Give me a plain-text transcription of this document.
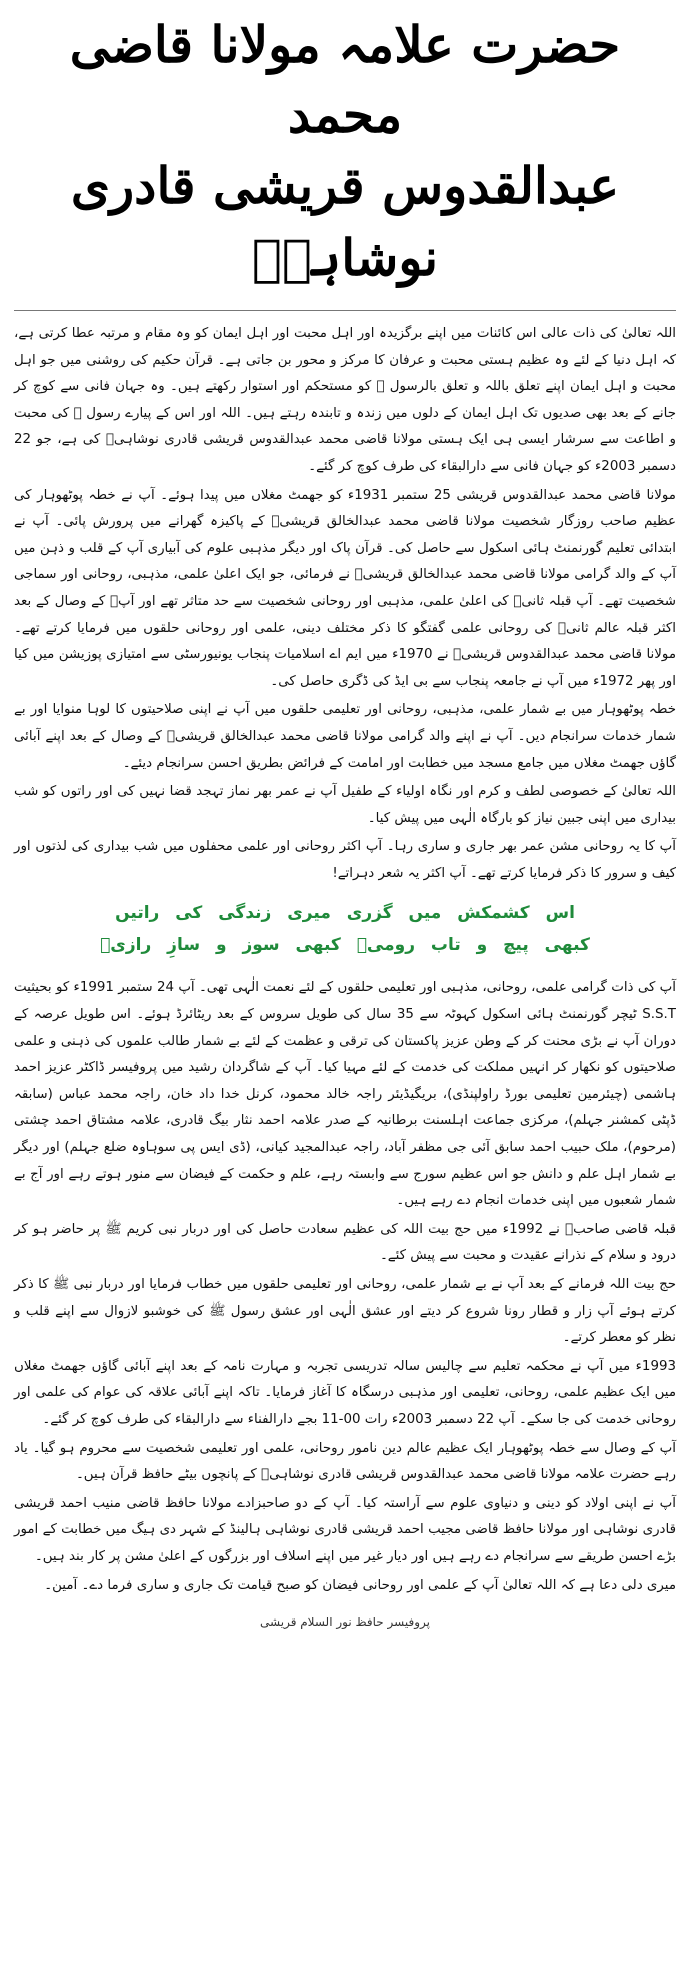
حضرت علامہ مولانا قاضی محمد
عبدالقدوس قریشی قادری نوشاہیؒ

اللہ تعالیٰ کی ذات عالی اس کائنات میں اپنے برگزیدہ اور اہل محبت اور اہل ایمان کو وہ مقام و مرتبہ عطا کرتی ہے، کہ اہل دنیا کے لئے وہ عظیم ہستی محبت و عرفان کا مرکز و محور بن جاتی ہے۔ قرآن حکیم کی روشنی میں جو اہل محبت و اہل ایمان اپنے تعلق باللہ و تعلق بالرسول ﷺ کو مستحکم اور استوار رکھتے ہیں۔ وہ جہان فانی سے کوچ کر جانے کے بعد بھی صدیوں تک اہل ایمان کے دلوں میں زندہ و تابندہ رہتے ہیں۔ اللہ اور اس کے پیارے رسول ﷺ کی محبت و اطاعت سے سرشار ایسی ہی ایک ہستی مولانا قاضی محمد عبدالقدوس قریشی قادری نوشاہیؒ کی ہے، جو 22 دسمبر 2003ء کو جہان فانی سے دارالبقاء کی طرف کوچ کر گئے۔

مولانا قاضی محمد عبدالقدوس قریشی 25 ستمبر 1931ء کو جھمٹ مغلاں میں پیدا ہوئے۔ آپ نے خطہ پوٹھوہار کی عظیم صاحب روزگار شخصیت مولانا قاضی محمد عبدالخالق قریشیؒ کے پاکیزہ گھرانے میں پرورش پائی۔ آپ نے ابتدائی تعلیم گورنمنٹ ہائی اسکول سے حاصل کی۔ قرآن پاک اور دیگر مذہبی علوم کی آبیاری آپ کے قلب و ذہن میں آپ کے والد گرامی مولانا قاضی محمد عبدالخالق قریشیؒ نے فرمائی، جو ایک اعلیٰ علمی، مذہبی، روحانی اور سماجی شخصیت تھے۔ آپ قبلہ ثانیؒ کی اعلیٰ علمی، مذہبی اور روحانی شخصیت سے حد متاثر تھے اور آپؒ کے وصال کے بعد اکثر قبلہ عالم ثانیؒ کی روحانی علمی گفتگو کا ذکر مختلف دینی، علمی اور روحانی حلقوں میں فرمایا کرتے تھے۔ مولانا قاضی محمد عبدالقدوس قریشیؒ نے 1970ء میں ایم اے اسلامیات پنجاب یونیورسٹی سے امتیازی پوزیشن میں کیا اور پھر 1972ء میں آپ نے جامعہ پنجاب سے بی ایڈ کی ڈگری حاصل کی۔

خطہ پوٹھوہار میں بے شمار علمی، مذہبی، روحانی اور تعلیمی حلقوں میں آپ نے اپنی صلاحیتوں کا لوہا منوایا اور بے شمار خدمات سرانجام دیں۔ آپ نے اپنے والد گرامی مولانا قاضی محمد عبدالخالق قریشیؒ کے وصال کے بعد اپنے آبائی گاؤں جھمٹ مغلاں میں جامع مسجد میں خطابت اور امامت کے فرائض بطریق احسن سرانجام دیئے۔

اللہ تعالیٰ کے خصوصی لطف و کرم اور نگاہ اولیاء کے طفیل آپ نے عمر بھر نماز تہجد قضا نہیں کی اور راتوں کو شب بیداری میں اپنی جبین نیاز کو بارگاہ الٰہی میں پیش کیا۔

آپ کا یہ روحانی مشن عمر بھر جاری و ساری رہا۔ آپ اکثر روحانی اور علمی محفلوں میں شب بیداری کی لذتوں اور کیف و سرور کا ذکر فرمایا کرتے تھے۔ آپ اکثر یہ شعر دہراتے!

اس کشمکش میں گزری میری زندگی کی راتیں
کبھی پیچ و تاب رومیؒ کبھی سوز و سازِ رازیؒ

آپ کی ذات گرامی علمی، روحانی، مذہبی اور تعلیمی حلقوں کے لئے نعمت الٰہی تھی۔ آپ 24 ستمبر 1991ء کو بحیثیت S.S.T ٹیچر گورنمنٹ ہائی اسکول کہوٹہ سے 35 سال کی طویل سروس کے بعد ریٹائرڈ ہوئے۔ اس طویل عرصہ کے دوران آپ نے بڑی محنت کر کے وطن عزیز پاکستان کی ترقی و عظمت کے لئے بے شمار طالب علموں کی ذہنی و علمی صلاحیتوں کو نکھار کر انہیں مملکت کی خدمت کے لئے مہیا کیا۔ آپ کے شاگردان رشید میں پروفیسر ڈاکٹر عزیز احمد ہاشمی (چیئرمین تعلیمی بورڈ راولپنڈی)، بریگیڈیئر راجہ خالد محمود، کرنل خدا داد خان، راجہ محمد عباس (سابقہ ڈپٹی کمشنر جہلم)، مرکزی جماعت اہلسنت برطانیہ کے صدر علامہ احمد نثار بیگ قادری، علامہ مشتاق احمد چشتی (مرحوم)، ملک حبیب احمد سابق آئی جی مظفر آباد، راجہ عبدالمجید کیانی، (ڈی ایس پی سوہاوہ ضلع جہلم) اور دیگر بے شمار اہل علم و دانش جو اس عظیم سورج سے وابستہ رہے، علم و حکمت کے فیضان سے منور ہوتے رہے اور آج بے شمار شعبوں میں اپنی خدمات انجام دے رہے ہیں۔

قبلہ قاضی صاحبؒ نے 1992ء میں حج بیت اللہ کی عظیم سعادت حاصل کی اور دربار نبی کریم ﷺ پر حاضر ہو کر درود و سلام کے نذرانے عقیدت و محبت سے پیش کئے۔

حج بیت اللہ فرمانے کے بعد آپ نے بے شمار علمی، روحانی اور تعلیمی حلقوں میں خطاب فرمایا اور دربار نبی ﷺ کا ذکر کرتے ہوئے آپ زار و قطار رونا شروع کر دیتے اور عشق الٰہی اور عشق رسول ﷺ کی خوشبو لازوال سے اپنے قلب و نظر کو معطر کرتے۔

1993ء میں آپ نے محکمہ تعلیم سے چالیس سالہ تدریسی تجربہ و مہارت نامہ کے بعد اپنے آبائی گاؤں جھمٹ مغلاں میں ایک عظیم علمی، روحانی، تعلیمی اور مذہبی درسگاہ کا آغاز فرمایا۔ تاکہ اپنے آبائی علاقہ کی عوام کی علمی اور روحانی خدمت کی جا سکے۔ آپ 22 دسمبر 2003ء رات 00-11 بجے دارالفناء سے دارالبقاء کی طرف کوچ کر گئے۔

آپ کے وصال سے خطہ پوٹھوہار ایک عظیم عالم دین نامور روحانی، علمی اور تعلیمی شخصیت سے محروم ہو گیا۔ یاد رہے حضرت علامہ مولانا قاضی محمد عبدالقدوس قریشی قادری نوشاہیؒ کے پانچوں بیٹے حافظ قرآن ہیں۔

آپ نے اپنی اولاد کو دینی و دنیاوی علوم سے آراستہ کیا۔ آپ کے دو صاحبزادے مولانا حافظ قاضی منیب احمد قریشی قادری نوشاہی اور مولانا حافظ قاضی مجیب احمد قریشی قادری نوشاہی ہالینڈ کے شہر دی ہیگ میں خطابت کے امور بڑے احسن طریقے سے سرانجام دے رہے ہیں اور دیار غیر میں اپنے اسلاف اور بزرگوں کے اعلیٰ مشن پر کار بند ہیں۔

میری دلی دعا ہے کہ اللہ تعالیٰ آپ کے علمی اور روحانی فیضان کو صبح قیامت تک جاری و ساری فرما دے۔ آمین۔

پروفیسر حافظ نور السلام قریشی
